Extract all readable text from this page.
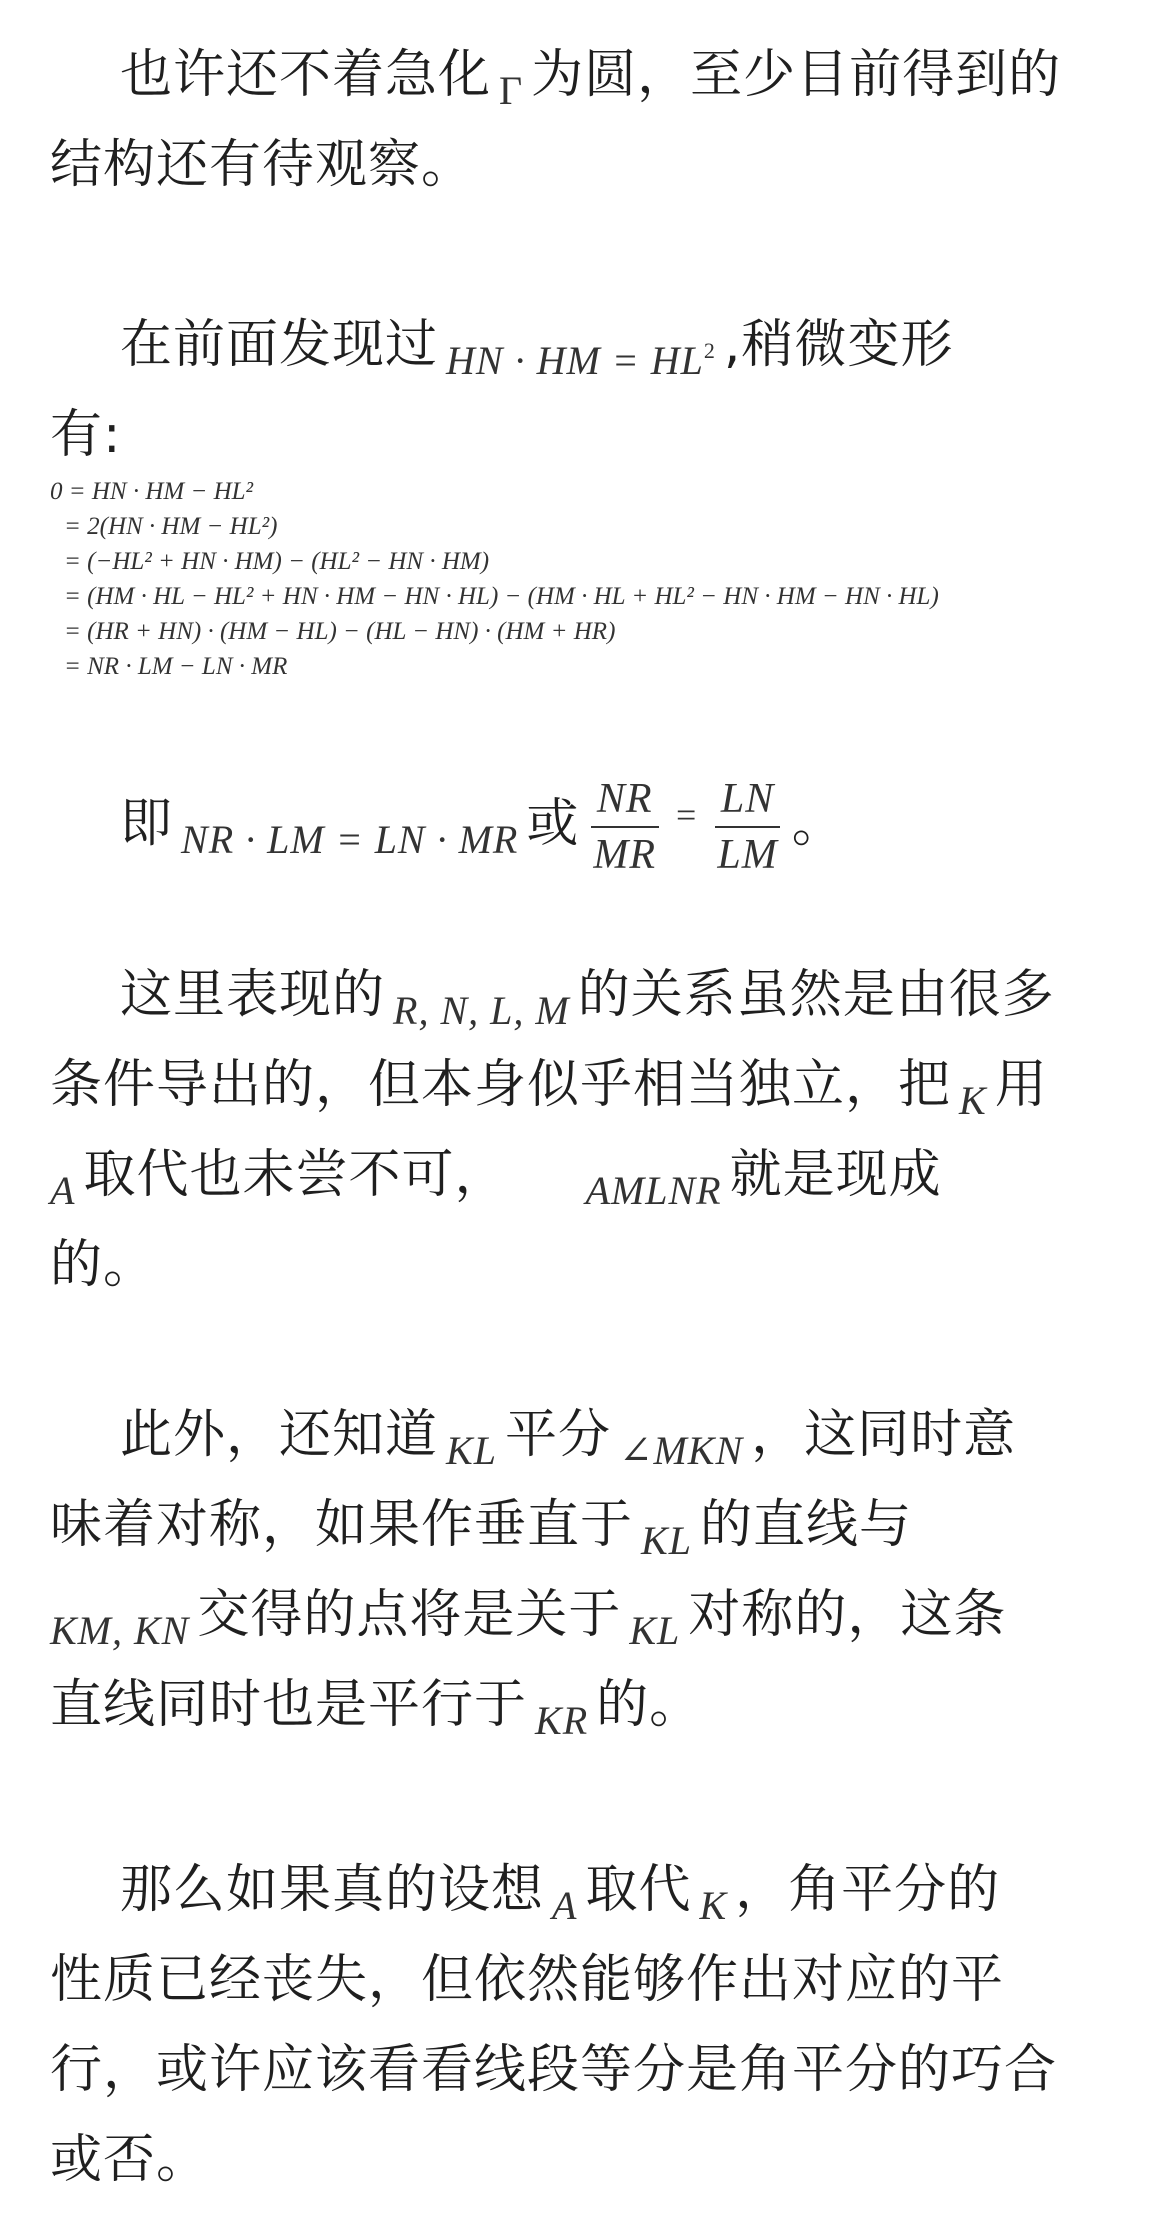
也许还不着急化 Γ 为圆，至少目前得到的
结构还有待观察。
在前面发现过 HN · HM = $HL^2$ ,稍微变形
有:
0 = HN · HM − HL²
= 2(HN · HM − HL²)
= (−HL² + HN · HM) − (HL² − HN · HM)
= (HM · HL − HL² + HN · HM − HN · HL) − (HM · HL + HL² − HN · HM − HN · HL)
= (HR + HN) · (HM − HL) − (HL − HN) · (HM + HR)
= NR · LM − LN · MR
即 NR · LM = LN · MR 或 $\frac{NR}{MR} ^= \frac{LN}{LM}$ 。
这里表现的 R, N, L, M 的关系虽然是由很多
条件导出的，但本身似乎相当独立，把 K 用
A 取代也未尝不可， AMLNR 就是现成
的。
此外，还知道 KL 平分 ∠MKN ，这同时意
味着对称，如果作垂直于 KL 的直线与
KM, KN 交得的点将是关于 KL 对称的，这条
直线同时也是平行于 KR 的。
那么如果真的设想 A 取代 K ，角平分的
性质已经丧失，但依然能够作出对应的平
行，或许应该看看线段等分是角平分的巧合
或否。
